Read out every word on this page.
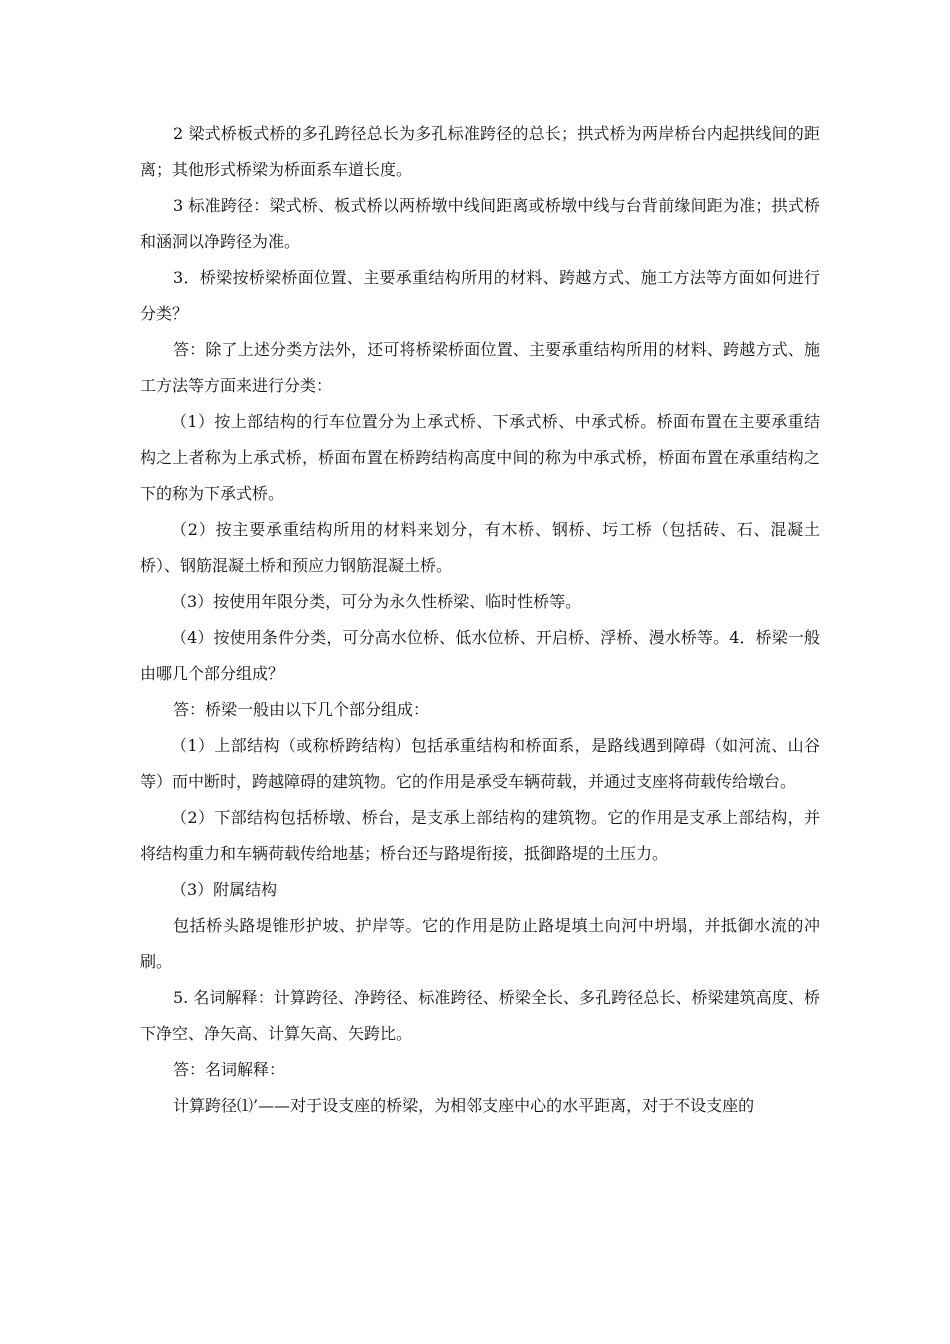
2 梁式桥板式桥的多孔跨径总长为多孔标准跨径的总长；拱式桥为两岸桥台内起拱线间的距离；其他形式桥梁为桥面系车道长度。

3 标准跨径：梁式桥、板式桥以两桥墩中线间距离或桥墩中线与台背前缘间距为准；拱式桥和涵洞以净跨径为准。

3．桥梁按桥梁桥面位置、主要承重结构所用的材料、跨越方式、施工方法等方面如何进行分类？

答：除了上述分类方法外，还可将桥梁桥面位置、主要承重结构所用的材料、跨越方式、施工方法等方面来进行分类：

（1）按上部结构的行车位置分为上承式桥、下承式桥、中承式桥。桥面布置在主要承重结构之上者称为上承式桥，桥面布置在桥跨结构高度中间的称为中承式桥，桥面布置在承重结构之下的称为下承式桥。

（2）按主要承重结构所用的材料来划分，有木桥、钢桥、圬工桥（包括砖、石、混凝土桥）、钢筋混凝土桥和预应力钢筋混凝土桥。

（3）按使用年限分类，可分为永久性桥梁、临时性桥等。

（4）按使用条件分类，可分高水位桥、低水位桥、开启桥、浮桥、漫水桥等。4．桥梁一般由哪几个部分组成？

答：桥梁一般由以下几个部分组成：

（1）上部结构（或称桥跨结构）包括承重结构和桥面系，是路线遇到障碍（如河流、山谷等）而中断时，跨越障碍的建筑物。它的作用是承受车辆荷载，并通过支座将荷载传给墩台。

（2）下部结构包括桥墩、桥台，是支承上部结构的建筑物。它的作用是支承上部结构，并将结构重力和车辆荷载传给地基；桥台还与路堤衔接，抵御路堤的土压力。

（3）附属结构

包括桥头路堤锥形护坡、护岸等。它的作用是防止路堤填土向河中坍塌，并抵御水流的冲刷。

5. 名词解释：计算跨径、净跨径、标准跨径、桥梁全长、多孔跨径总长、桥梁建筑高度、桥下净空、净矢高、计算矢高、矢跨比。

答：名词解释：

计算跨径⑴’——对于设支座的桥梁，为相邻支座中心的水平距离，对于不设支座的
